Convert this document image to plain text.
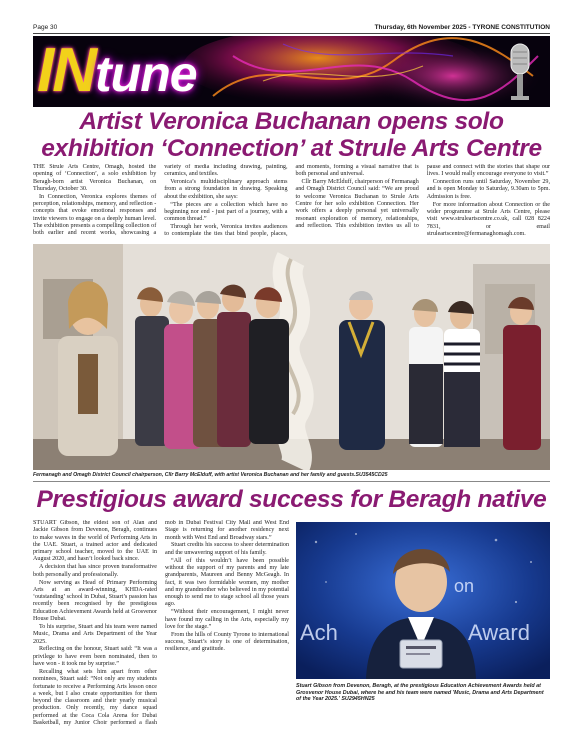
Page 30	Thursday, 6th November 2025 - TYRONE CONSTITUTION
INtune
Artist Veronica Buchanan opens solo exhibition ‘Connection’ at Strule Arts Centre

THE Strule Arts Centre, Omagh, hosted the opening of ‘Connection’, a solo exhibition by Beragh-born artist Veronica Buchanan, on Thursday, October 30.

In Connection, Veronica explores themes of perception, relationships, memory, and reflection - concepts that evoke emotional responses and invite viewers to engage on a deeply human level. The exhibition presents a compelling collection of both earlier and recent works, showcasing a variety of media including drawing, painting, ceramics, and textiles.

Veronica’s multidisciplinary approach stems from a strong foundation in drawing. Speaking about the exhibition, she says:

“The pieces are a collection which have no beginning nor end - just part of a journey, with a common thread.”

Through her work, Veronica invites audiences to contemplate the ties that bind people, places, and moments, forming a visual narrative that is both personal and universal.

Cllr Barry McElduff, chairperson of Fermanagh and Omagh District Council said: “We are proud to welcome Veronica Buchanan to Strule Arts Centre for her solo exhibition Connection. Her work offers a deeply personal yet universally resonant exploration of memory, relationships, and reflection. This exhibition invites us all to pause and connect with the stories that shape our lives. I would really encourage everyone to visit.”

Connection runs until Saturday, November 29, and is open Monday to Saturday, 9.30am to 5pm. Admission is free.

For more information about Connection or the wider programme at Strule Arts Centre, please visit www.struleartscentre.co.uk, call 028 8224 7831, or email struleartscentre@fermanaghomagh.com.

Fermanagh and Omagh District Council chairperson, Cllr Barry McElduff, with artist Veronica Buchanan and her family and guests.SU3545CD25
Prestigious award success for Beragh native

STUART Gibson, the eldest son of Alan and Jackie Gibson from Devenon, Beragh, continues to make waves in the world of Performing Arts in the UAE. Stuart, a trained actor and dedicated primary school teacher, moved to the UAE in August 2020, and hasn’t looked back since.

A decision that has since proven transformative both personally and professionally.

Now serving as Head of Primary Performing Arts at an award-winning, KHDA-rated ‘outstanding’ school in Dubai, Stuart’s passion has recently been recognised by the prestigious Education Achievement Awards held at Grosvenor House Dubai.

To his surprise, Stuart and his team were named Music, Drama and Arts Department of the Year 2025.

Reflecting on the honour, Stuart said: “It was a privilege to have even been nominated, then to have won - it took me by surprise.”

Recalling what sets him apart from other nominees, Stuart said: “Not only are my students fortunate to receive a Performing Arts lesson once a week, but I also create opportunities for them beyond the classroom and their yearly musical production. Only recently, my dance squad performed at the Coca Cola Arena for Dubai Basketball, my Junior Choir performed a flash mob in Dubai Festival City Mall and West End Stage is returning for another residency next month with West End and Broadway stars.”

Stuart credits his success to sheer determination and the unwavering support of his family.

“All of this wouldn’t have been possible without the support of my parents and my late grandparents, Maureen and Benny McGeagh. In fact, it was two formidable women, my mother and my grandmother who believed in my potential enough to send me to stage school all those years ago.

“Without their encouragement, I might never have found my calling in the Arts, especially my love for the stage.”

From the hills of County Tyrone to international success, Stuart’s story is one of determination, resilience, and gratitude.

on
Ach	Award
Stuart Gibson from Devenon, Beragh, at the prestigious Education Achievement Awards held at Grosvenor House Dubai, where he and his team were named 'Music, Drama and Arts Department of the Year 2025.' SU2945HN25
